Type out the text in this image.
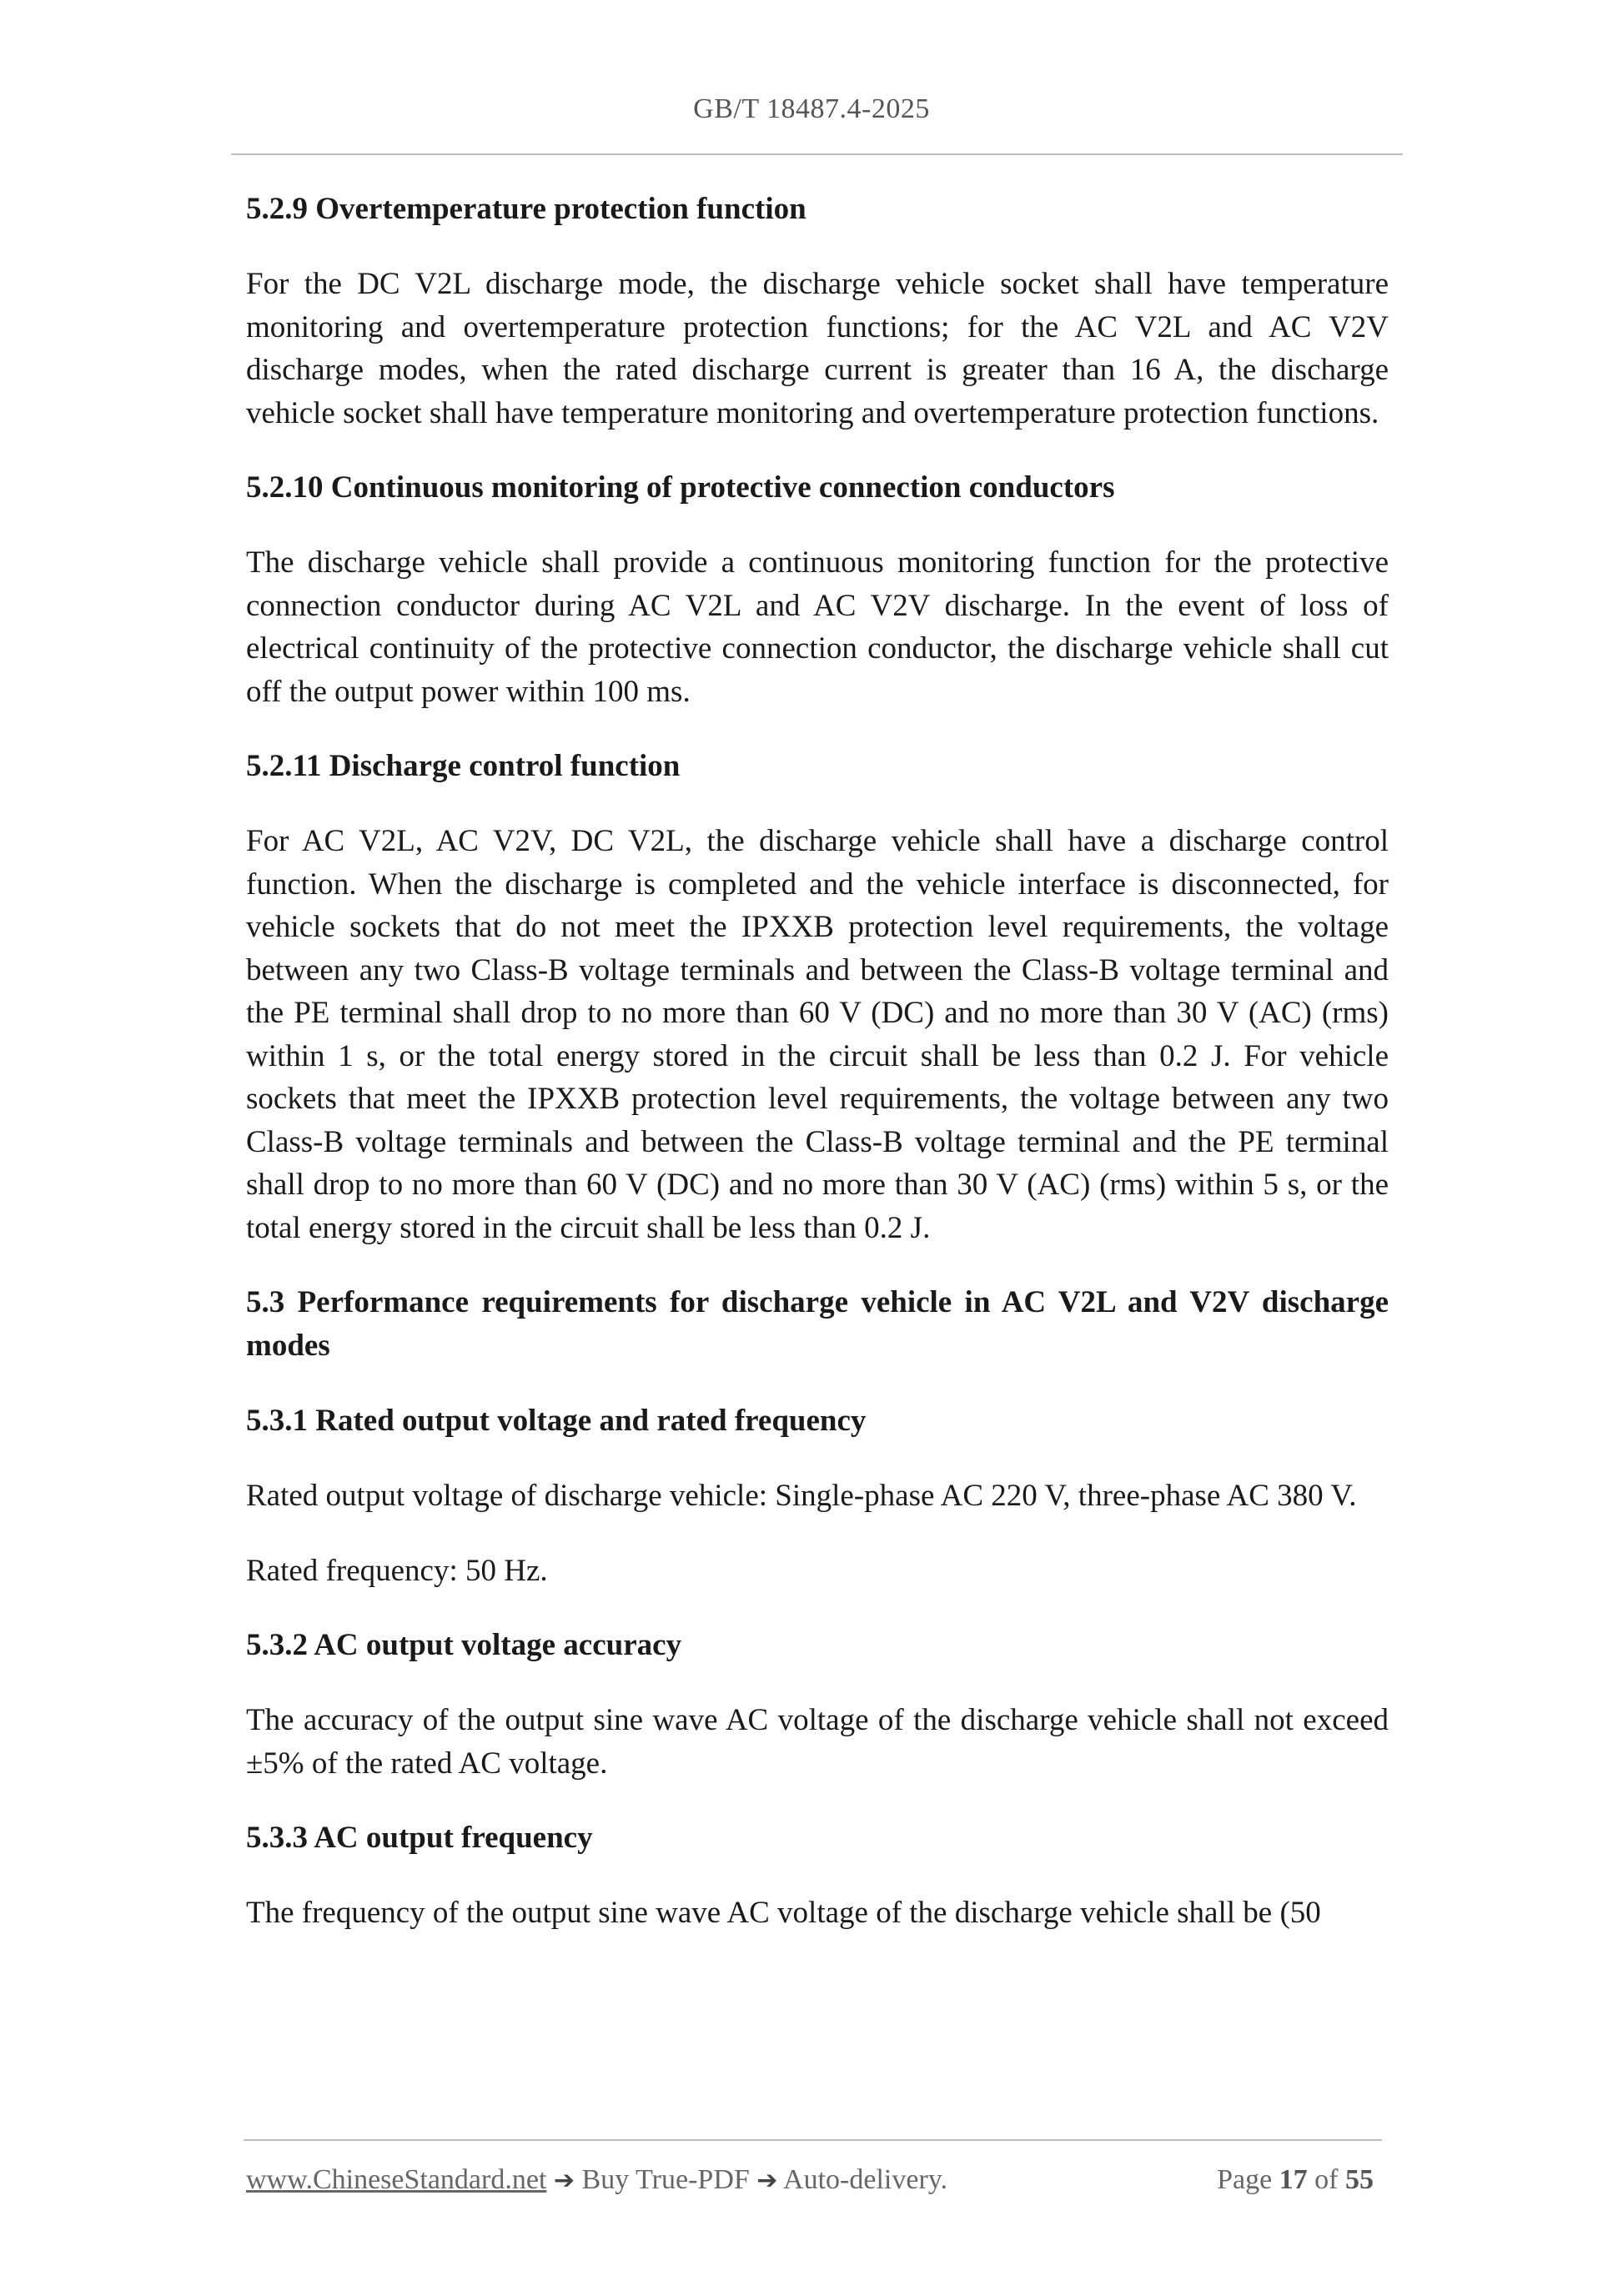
GB/T 18487.4-2025
5.2.9 Overtemperature protection function

For the DC V2L discharge mode, the discharge vehicle socket shall have temperature monitoring and overtemperature protection functions; for the AC V2L and AC V2V discharge modes, when the rated discharge current is greater than 16 A, the discharge vehicle socket shall have temperature monitoring and overtemperature protection functions.

5.2.10 Continuous monitoring of protective connection conductors

The discharge vehicle shall provide a continuous monitoring function for the protective connection conductor during AC V2L and AC V2V discharge. In the event of loss of electrical continuity of the protective connection conductor, the discharge vehicle shall cut off the output power within 100 ms.

5.2.11 Discharge control function

For AC V2L, AC V2V, DC V2L, the discharge vehicle shall have a discharge control function. When the discharge is completed and the vehicle interface is disconnected, for vehicle sockets that do not meet the IPXXB protection level requirements, the voltage between any two Class-B voltage terminals and between the Class-B voltage terminal and the PE terminal shall drop to no more than 60 V (DC) and no more than 30 V (AC) (rms) within 1 s, or the total energy stored in the circuit shall be less than 0.2 J. For vehicle sockets that meet the IPXXB protection level requirements, the voltage between any two Class-B voltage terminals and between the Class-B voltage terminal and the PE terminal shall drop to no more than 60 V (DC) and no more than 30 V (AC) (rms) within 5 s, or the total energy stored in the circuit shall be less than 0.2 J.

5.3 Performance requirements for discharge vehicle in AC V2L and V2V discharge modes
5.3.1 Rated output voltage and rated frequency

Rated output voltage of discharge vehicle: Single-phase AC 220 V, three-phase AC 380 V.

Rated frequency: 50 Hz.

5.3.2 AC output voltage accuracy

The accuracy of the output sine wave AC voltage of the discharge vehicle shall not exceed ±5% of the rated AC voltage.

5.3.3 AC output frequency

The frequency of the output sine wave AC voltage of the discharge vehicle shall be (50

www.ChineseStandard.net ➔ Buy True-PDF ➔ Auto-delivery.	Page 17 of 55
